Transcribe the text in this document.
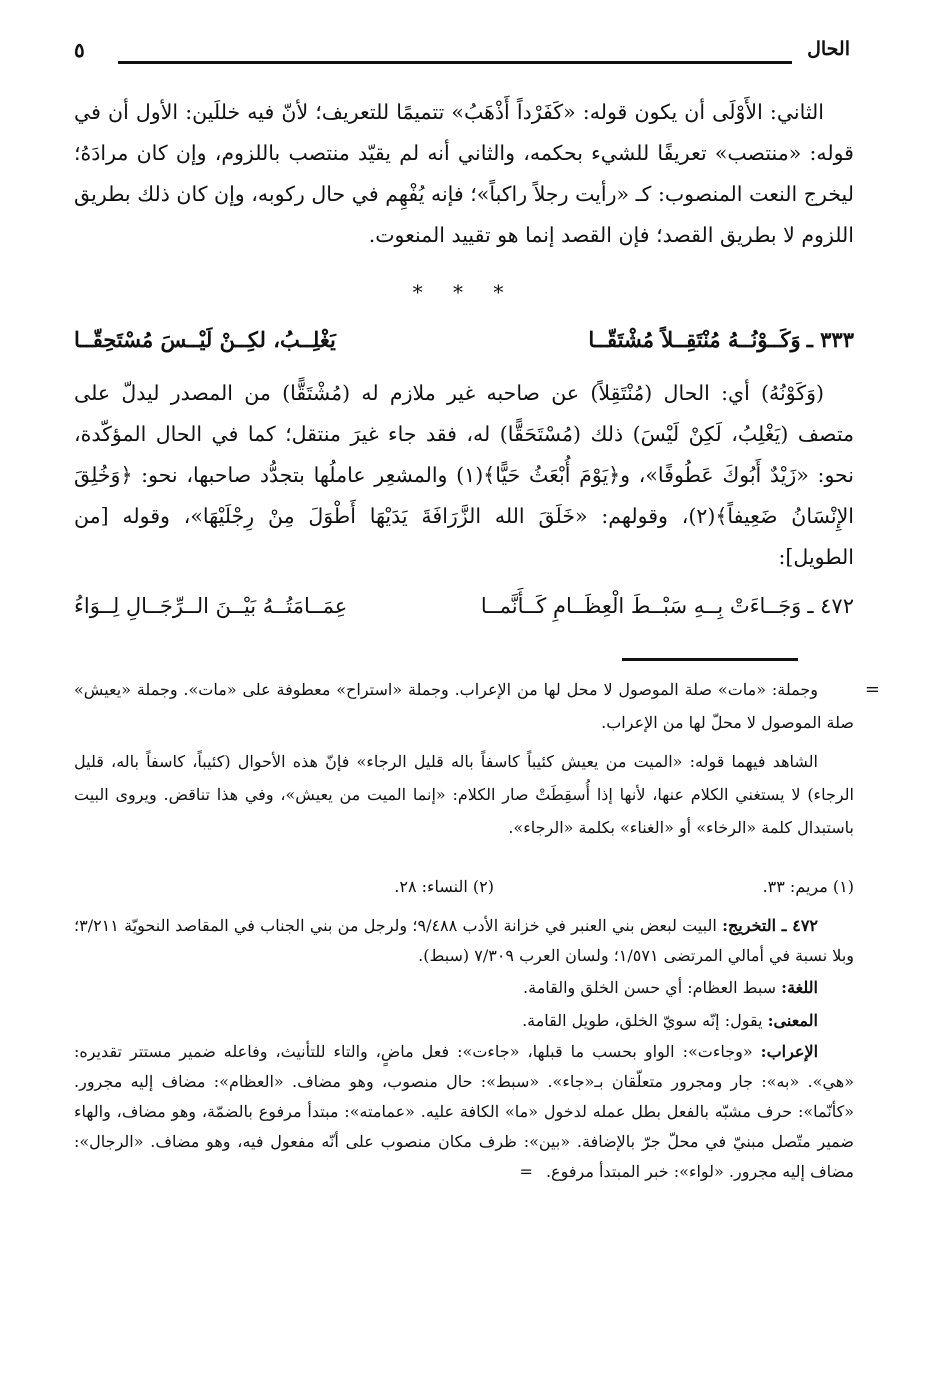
الحال
٥

الثاني: الأَوْلَى أن يكون قوله: «كَفَرْداً أَذْهَبُ» تتميمًا للتعريف؛ لأنّ فيه خللَين: الأول أن في قوله: «منتصب» تعريفًا للشيء بحكمه، والثاني أنه لم يقيّد منتصب باللزوم، وإن كان مرادَهُ؛ ليخرج النعت المنصوب: كـ «رأيت رجلاً راكباً»؛ فإنه يُفْهِم في حال ركوبه، وإن كان ذلك بطريق اللزوم لا بطريق القصد؛ فإن القصد إنما هو تقييد المنعوت.

* * *
٣٣٣ ـ
وَكَــوْنُــهُ مُنْتَقِــلاً مُشْتَقّــا
يَغْلِــبُ، لكِــنْ لَيْــسَ مُسْتَحِقّــا

(وَكَوْنُهُ) أي: الحال (مُنْتَقِلاً) عن صاحبه غير ملازم له (مُشْتَقًّا) من المصدر ليدلّ على متصف (يَغْلِبُ، لَكِنْ لَيْسَ) ذلك (مُسْتَحَقًّا) له، فقد جاء غيرَ منتقل؛ كما في الحال المؤكّدة، نحو: «زَيْدٌ أَبُوكَ عَطُوفًا»، و﴿يَوْمَ أُبْعَثُ حَيًّا﴾(١) والمشعِر عاملُها بتجدُّد صاحبها، نحو: ﴿وَخُلِقَ الإِنْسَانُ ضَعِيفاً﴾(٢)، وقولهم: «خَلَقَ الله الزَّرَافَةَ يَدَيْهَا أَطْوَلَ مِنْ رِجْلَيْهَا»، وقوله [من الطويل]:

٤٧٢ ـ
وَجَــاءَتْ بِــهِ سَبْــطَ الْعِظَــامِ كَــأَنَّمــا
عِمَــامَتُــهُ بَيْــنَ الــرِّجَــالِ لِــوَاءُ
=

وجملة: «مات» صلة الموصول لا محل لها من الإعراب. وجملة «استراح» معطوفة على «مات». وجملة «يعيش» صلة الموصول لا محلّ لها من الإعراب.

الشاهد فيهما قوله: «الميت من يعيش كئيباً كاسفاً باله قليل الرجاء» فإنّ هذه الأحوال (كئيباً، كاسفاً باله، قليل الرجاء) لا يستغني الكلام عنها، لأنها إذا أُسقِطَتْ صار الكلام: «إنما الميت من يعيش»، وفي هذا تناقض. ويروى البيت باستبدال كلمة «الرخاء» أو «الغناء» بكلمة «الرجاء».

(١) مريم: ٣٣.
(٢) النساء: ٢٨.

٤٧٢ ـ التخريج: البيت لبعض بني العنبر في خزانة الأدب ٩/٤٨٨؛ ولرجل من بني الجناب في المقاصد النحويّة ٣/٢١١؛ وبلا نسبة في أمالي المرتضى ١/٥٧١؛ ولسان العرب ٧/٣٠٩ (سبط).

اللغة: سبط العظام: أي حسن الخلق والقامة.

المعنى: يقول: إنّه سويّ الخلق، طويل القامة.

الإعراب: «وجاءت»: الواو بحسب ما قبلها، «جاءت»: فعل ماضٍ، والتاء للتأنيث، وفاعله ضمير مستتر تقديره: «هي». «به»: جار ومجرور متعلّقان بـ«جاء». «سبط»: حال منصوب، وهو مضاف. «العظام»: مضاف إليه مجرور. «كأنّما»: حرف مشبّه بالفعل بطل عمله لدخول «ما» الكافة عليه. «عمامته»: مبتدأ مرفوع بالضمّة، وهو مضاف، والهاء ضمير متّصل مبنيّ في محلّ جرّ بالإضافة. «بين»: ظرف مكان منصوب على أنّه مفعول فيه، وهو مضاف. «الرجال»: مضاف إليه مجرور. «لواء»: خبر المبتدأ مرفوع. =
